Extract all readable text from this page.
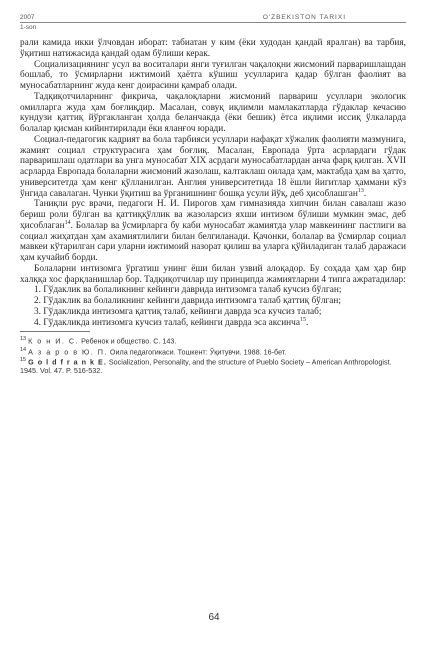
2007
1-son
O'ZBEKISTON TARIXI

рали камида икки ўлчовдан иборат: табиатан у ким (ёки худодан қандай яралган) ва тарбия, ўқитиш натижасида қандай одам бўлиши керак.

Социализациянинг усул ва воситалари янги туғилган чақалоқни жисмоний парваришлашдан бошлаб, то ўсмирларни ижтимоий ҳаётга кўшиш усулларига қадар бўлган фаолият ва муносабатларнинг жуда кенг доирасини қамраб олади.

Тадқиқотчиларнинг фикрича, чақалоқларни жисмоний парвариш усуллари экологик омилларга жуда ҳам боғлиқдир. Масалан, совуқ иқлимли мамлакатларда гўдаклар кечасию кундузи қаттиқ йўргакланган ҳолда беланчакда (ёки бешик) ётса иқлими иссиқ ўлкаларда болалар қисман кийинтирилади ёки яланғоч юради.

Социал-педагогик кадрият ва бола тарбияси усуллари нафақат хўжалик фаолияти мазмунига, жамият социал структурасига ҳам боғлиқ. Масалан, Европада ўрта асрлардаги гўдак парваришлаш одатлари ва унга муносабат XIX асрдаги муносабатлардан анча фарқ қилган. XVII асрларда Европада болаларни жисмоний жазолаш, калтаклаш оилада ҳам, мактабда ҳам ва ҳатто, университетда ҳам кенг қўлланилган. Англия университетида 18 ёшли йигитлар ҳаммани кўз ўнгида савалаган. Чунки ўқитиш ва ўрганишнинг бошқа усули йўқ, деб ҳисоблашган$^{13}$.

Таниқли рус врачи, педагоги Н. И. Пирогов ҳам гимназияда хипчин билан савалаш жазо бериш роли бўлган ва қаттиққўллик ва жазоларсиз яхши интизом бўлиши мумкин эмас, деб ҳисоблаган$^{14}$. Болалар ва ўсмирларга бу каби муносабат жамиятда улар мавкеининг пастлиги ва социал жиҳатдан ҳам ахамиятлилиги билан белгиланади. Қачонки, болалар ва ўсмирлар социал мавкеи кўтарилган сари уларни ижтимоий назорат қилиш ва уларга қўйиладиган талаб даражаси ҳам кучайиб борди.

Болаларни интизомга ўргатиш унинг ёши билан узвий алоқадор. Бу соҳада ҳам ҳар бир халққа хос фарқланишлар бор. Тадқиқотчилар шу принципда жамиятларни 4 типга ажратадилар:

1. Гўдаклик ва болаликнинг кейинги даврида интизомга талаб кучсиз бўлган;

2. Гўдаклик ва болаликнинг кейинги даврида интизомга талаб қаттиқ бўлган;

3. Гўдакликда интизомга қаттиқ талаб, кейинги даврда эса кучсиз талаб;

4. Гўдакликда интизомга кучсиз талаб, кейинги даврда эса аксинча$^{15}$.

$^{13}$ К о н И. С. Ребенок и общество. С. 143.

$^{14}$ А з а р о в Ю. П. Оила педагогикаси. Тошкент: Ўқитувчи. 1988. 16-бет.

$^{15}$ G o l d f r a n k E. Socialization, Personality, and the structure of Pueblo Society – American Anthropologist. 1945. Vol. 47. P. 516-532.

64
